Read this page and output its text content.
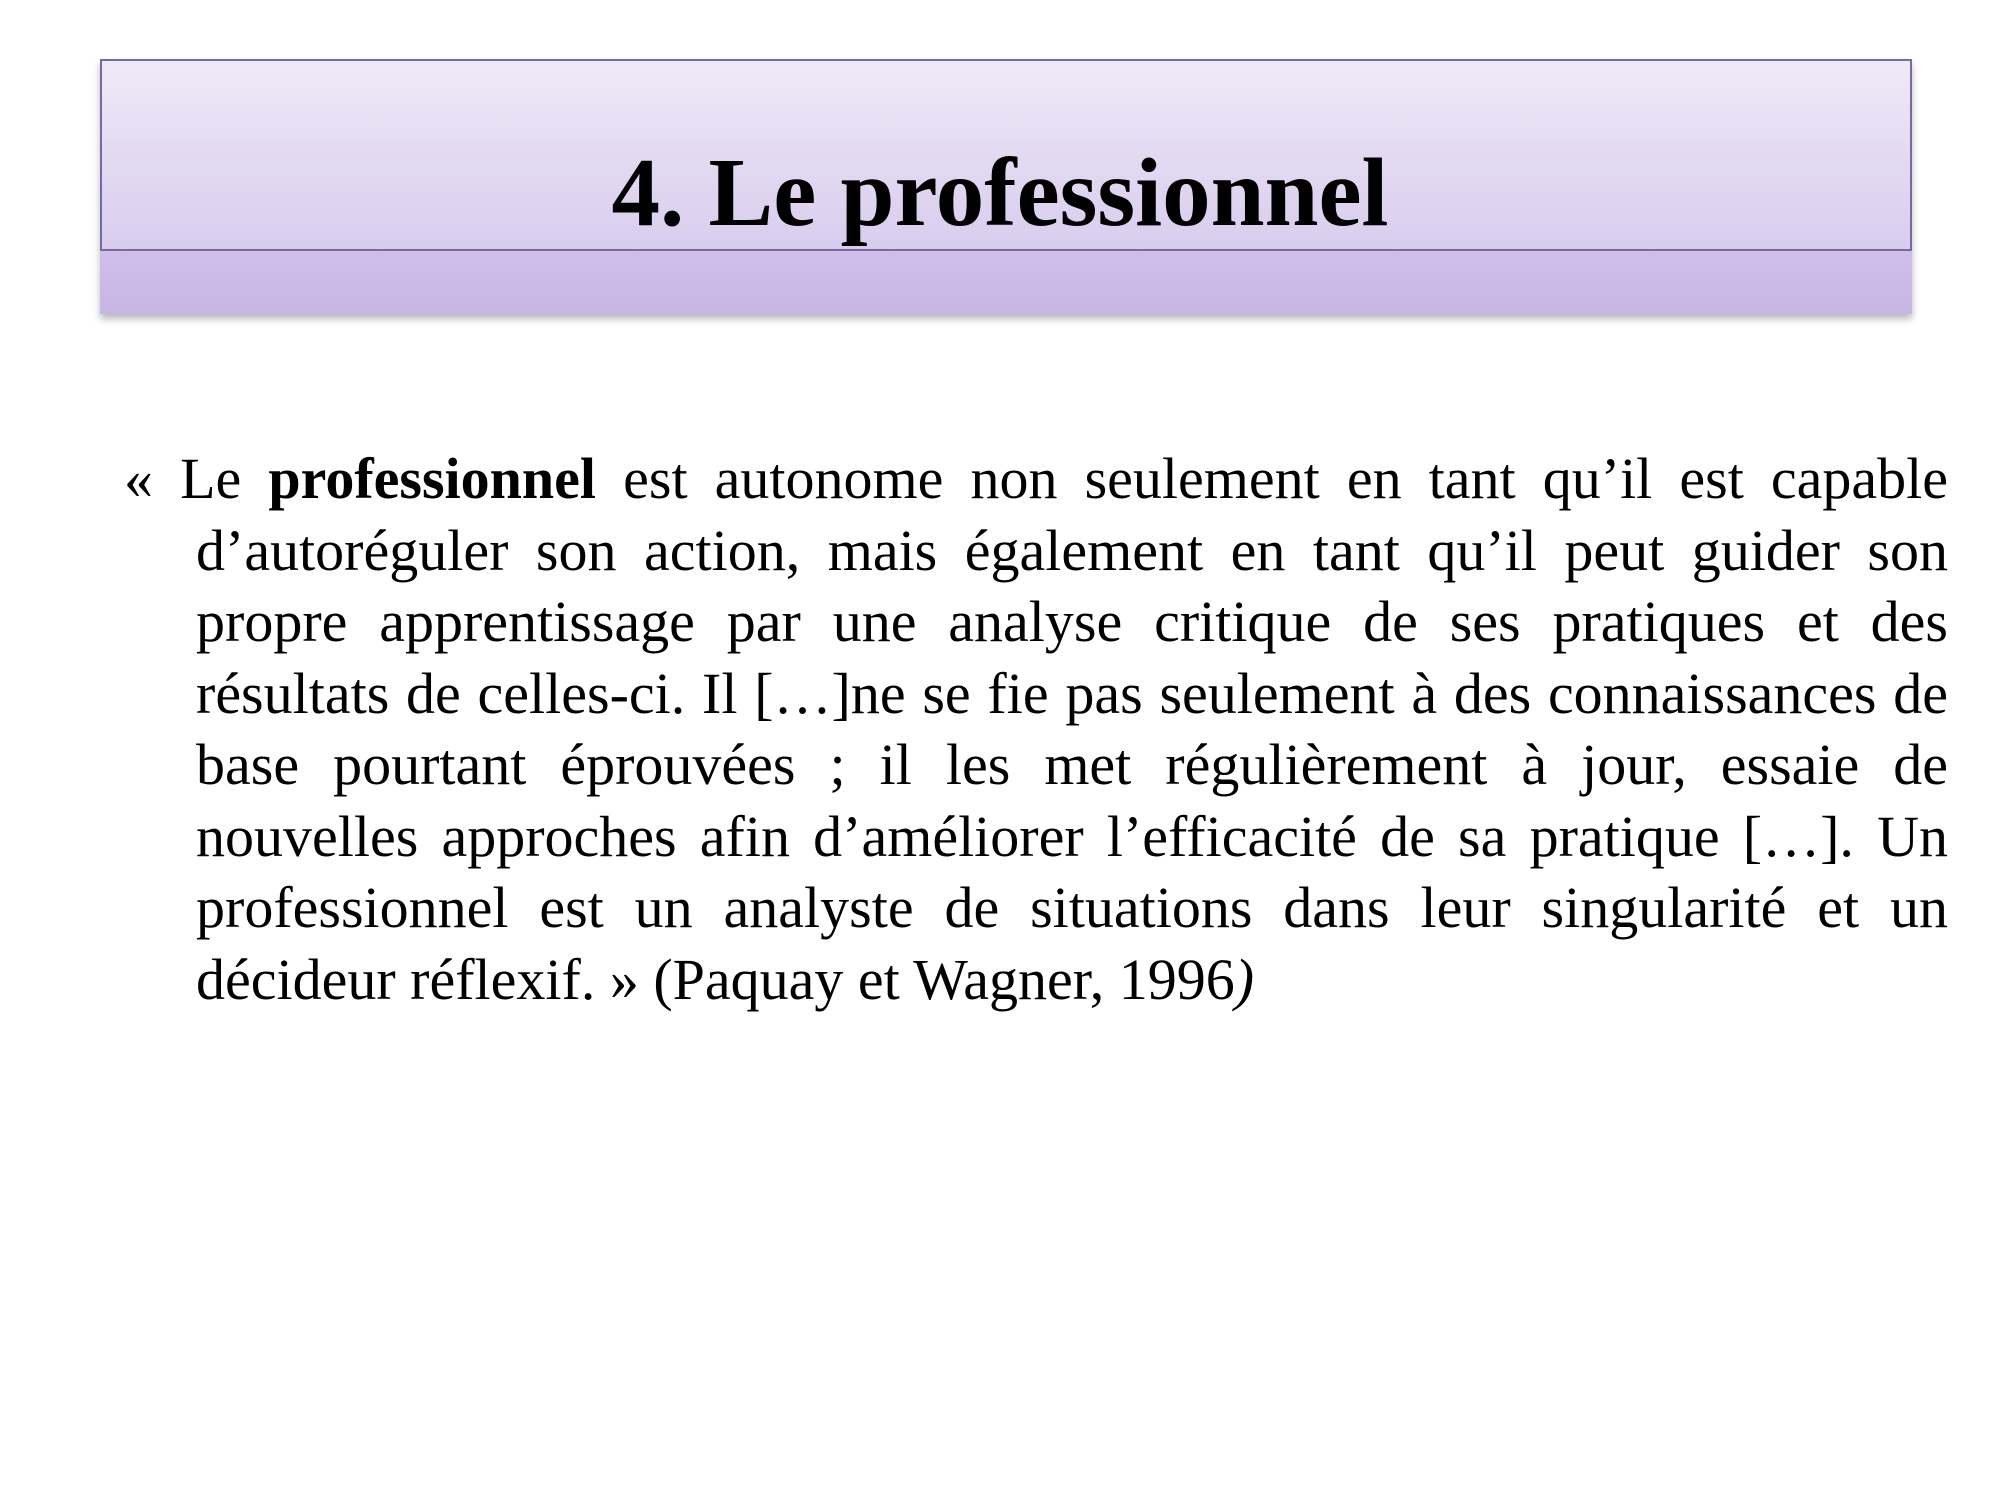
4. Le professionnel

« Le professionnel est autonome non seulement en tant qu’il est capable d’autoréguler son action, mais également en tant qu’il peut guider son propre apprentissage par une analyse critique de ses pratiques et des résultats de celles-ci. Il […]ne se fie pas seulement à des connaissances de base pourtant éprouvées ; il les met régulièrement à jour, essaie de nouvelles approches afin d’améliorer l’efficacité de sa pratique […]. Un professionnel est un analyste de situations dans leur singularité et un décideur réflexif. » (Paquay et Wagner, 1996)
